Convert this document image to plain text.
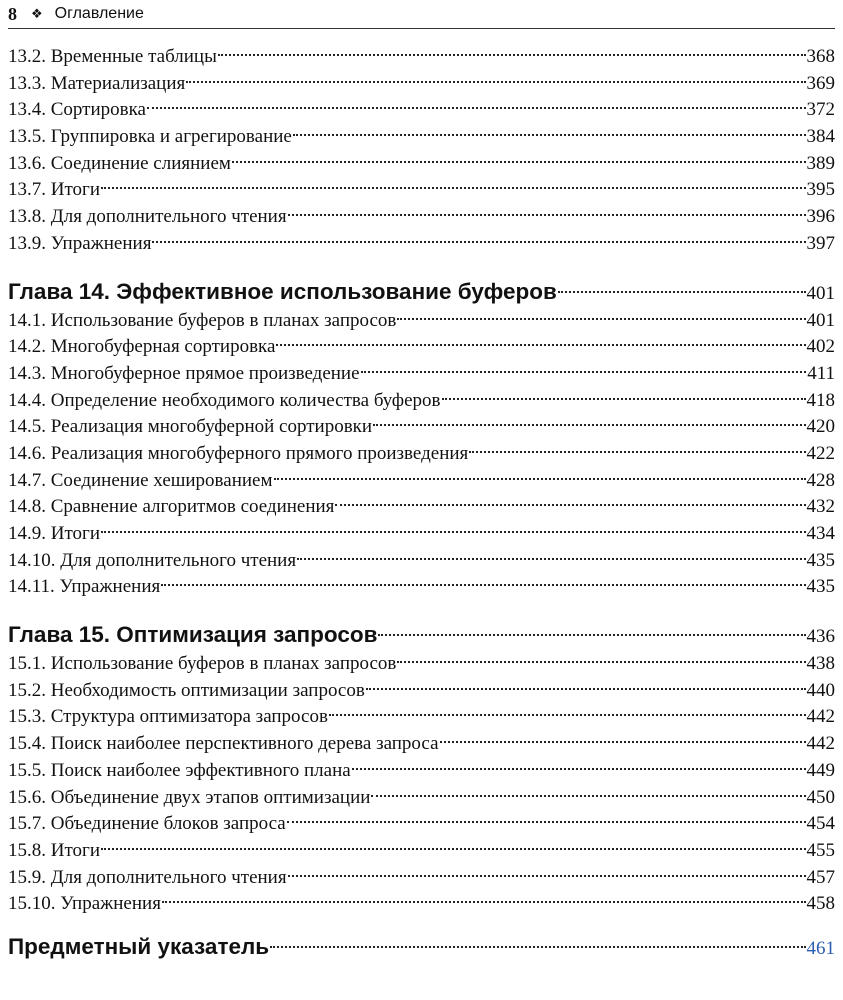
8 ❖ Оглавление
13.2. Временные таблицы	368
13.3. Материализация	369
13.4. Сортировка	372
13.5. Группировка и агрегирование	384
13.6. Соединение слиянием	389
13.7. Итоги	395
13.8. Для дополнительного чтения	396
13.9. Упражнения	397
Глава 14. Эффективное использование буферов	401
14.1. Использование буферов в планах запросов	401
14.2. Многобуферная сортировка	402
14.3. Многобуферное прямое произведение	411
14.4. Определение необходимого количества буферов	418
14.5. Реализация многобуферной сортировки	420
14.6. Реализация многобуферного прямого произведения	422
14.7. Соединение хешированием	428
14.8. Сравнение алгоритмов соединения	432
14.9. Итоги	434
14.10. Для дополнительного чтения	435
14.11. Упражнения	435
Глава 15. Оптимизация запросов	436
15.1. Использование буферов в планах запросов	438
15.2. Необходимость оптимизации запросов	440
15.3. Структура оптимизатора запросов	442
15.4. Поиск наиболее перспективного дерева запроса	442
15.5. Поиск наиболее эффективного плана	449
15.6. Объединение двух этапов оптимизации	450
15.7. Объединение блоков запроса	454
15.8. Итоги	455
15.9. Для дополнительного чтения	457
15.10. Упражнения	458
Предметный указатель	461
